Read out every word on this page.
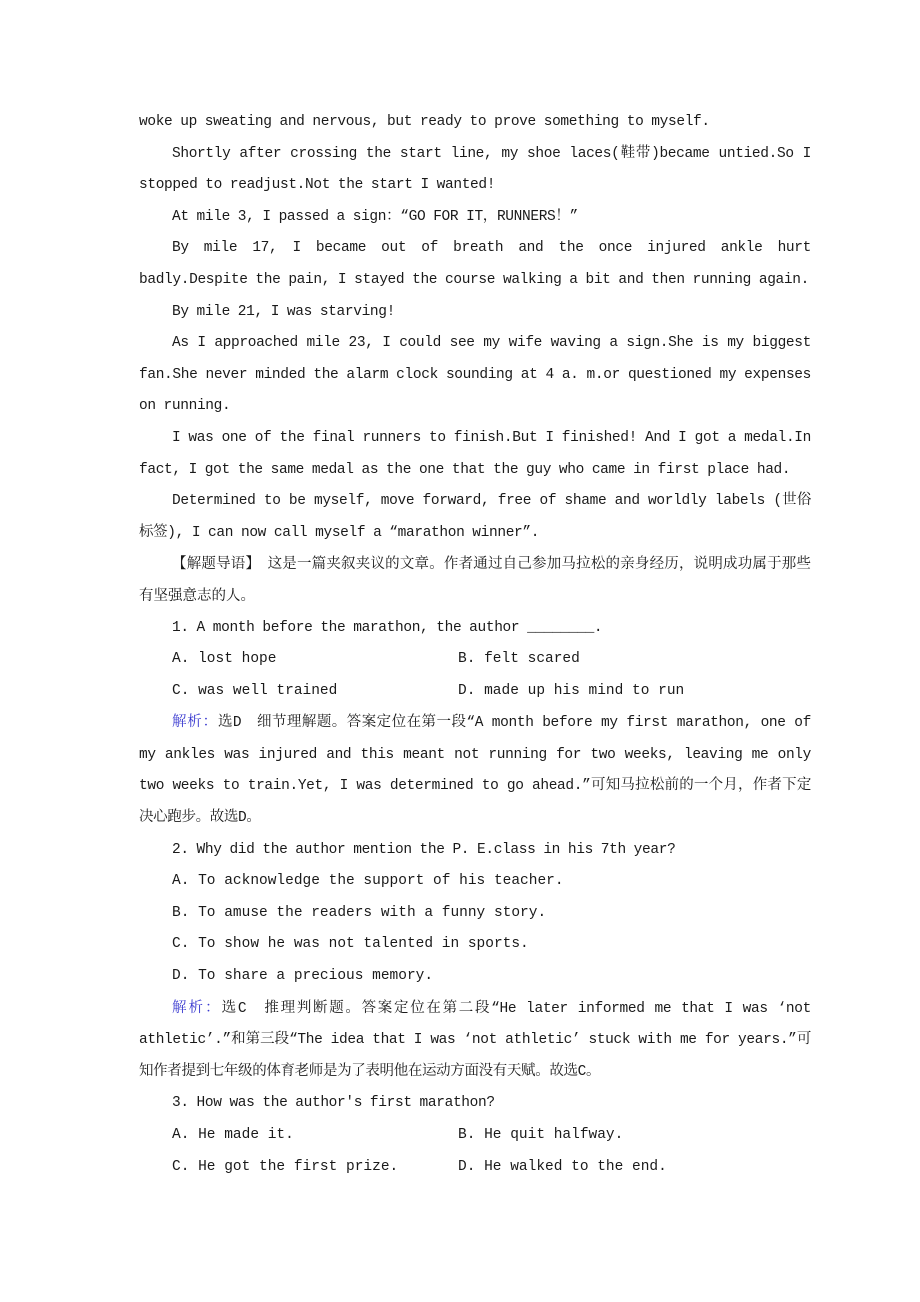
woke up sweating and nervous, but ready to prove something to myself.

Shortly after crossing the start line, my shoe laces(鞋带)became untied.So I stopped to readjust.Not the start I wanted!

At mile 3, I passed a sign：“GO FOR IT，RUNNERS！”

By mile 17, I became out of breath and the once injured ankle hurt badly.Despite the pain, I stayed the course walking a bit and then running again.

By mile 21, I was starving!

As I approached mile 23, I could see my wife waving a sign.She is my biggest fan.She never minded the alarm clock sounding at 4 a. m.or questioned my expenses on running.

I was one of the final runners to finish.But I finished! And I got a medal.In fact, I got the same medal as the one that the guy who came in first place had.

Determined to be myself, move forward, free of shame and worldly labels (世俗标签), I can now call myself a “marathon winner”.

【解题导语】　这是一篇夹叙夹议的文章。作者通过自己参加马拉松的亲身经历，说明成功属于那些有坚强意志的人。

1. A month before the marathon, the author ________.

A. lost hope	B. felt scared
C. was well trained	D. made up his mind to run

解析：选D　细节理解题。答案定位在第一段“A month before my first marathon, one of my ankles was injured and this meant not running for two weeks, leaving me only two weeks to train.Yet, I was determined to go ahead.”可知马拉松前的一个月，作者下定决心跑步。故选D。

2. Why did the author mention the P. E.class in his 7th year?

A. To acknowledge the support of his teacher.
B. To amuse the readers with a funny story.
C. To show he was not talented in sports.
D. To share a precious memory.

解析：选C　推理判断题。答案定位在第二段“He later informed me that I was ‘not athletic’.”和第三段“The idea that I was ‘not athletic’ stuck with me for years.”可知作者提到七年级的体育老师是为了表明他在运动方面没有天赋。故选C。

3. How was the author's first marathon?

A. He made it.	B. He quit halfway.
C. He got the first prize.	D. He walked to the end.
